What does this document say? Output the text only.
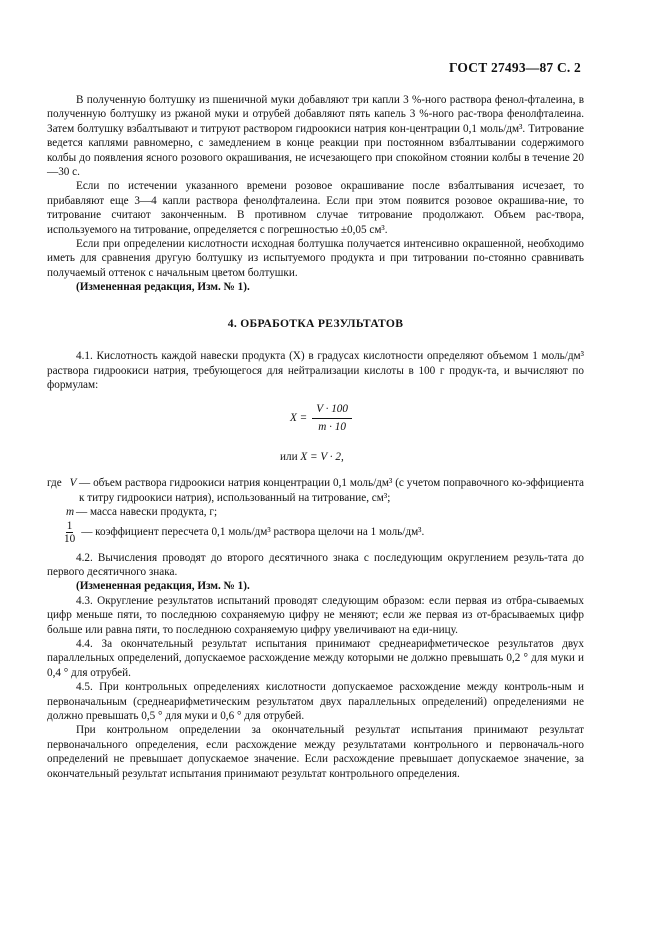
ГОСТ 27493—87 С. 2

В полученную болтушку из пшеничной муки добавляют три капли 3 %-ного раствора фенол-фталеина, в полученную болтушку из ржаной муки и отрубей добавляют пять капель 3 %-ного рас-твора фенолфталеина. Затем болтушку взбалтывают и титруют раствором гидроокиси натрия кон-центрации 0,1 моль/дм³. Титрование ведется каплями равномерно, с замедлением в конце реакции при постоянном взбалтывании содержимого колбы до появления ясного розового окрашивания, не исчезающего при спокойном стоянии колбы в течение 20—30 с.

Если по истечении указанного времени розовое окрашивание после взбалтывания исчезает, то прибавляют еще 3—4 капли раствора фенолфталеина. Если при этом появится розовое окрашива-ние, то титрование считают законченным. В противном случае титрование продолжают. Объем рас-твора, используемого на титрование, определяется с погрешностью ±0,05 см³.

Если при определении кислотности исходная болтушка получается интенсивно окрашенной, необходимо иметь для сравнения другую болтушку из испытуемого продукта и при титровании по-стоянно сравнивать получаемый оттенок с начальным цветом болтушки.

(Измененная редакция, Изм. № 1).

4. ОБРАБОТКА РЕЗУЛЬТАТОВ

4.1. Кислотность каждой навески продукта (X) в градусах кислотности определяют объемом 1 моль/дм³ раствора гидроокиси натрия, требующегося для нейтрализации кислоты в 100 г продук-та, и вычисляют по формулам:

$X = \frac{V \cdot 100}{m \cdot 10}$
или X = V · 2,
где V — объем раствора гидроокиси натрия концентрации 0,1 моль/дм³ (с учетом поправочного ко-эффициента к титру гидроокиси натрия), использованный на титрование, см³;
m — масса навески продукта, г;
$\frac{1}{10}$ — коэффициент пересчета 0,1 моль/дм³ раствора щелочи на 1 моль/дм³.

4.2. Вычисления проводят до второго десятичного знака с последующим округлением резуль-тата до первого десятичного знака.

(Измененная редакция, Изм. № 1).

4.3. Округление результатов испытаний проводят следующим образом: если первая из отбра-сываемых цифр меньше пяти, то последнюю сохраняемую цифру не меняют; если же первая из от-брасываемых цифр больше или равна пяти, то последнюю сохраняемую цифру увеличивают на еди-ницу.

4.4. За окончательный результат испытания принимают среднеарифметическое результатов двух параллельных определений, допускаемое расхождение между которыми не должно превышать 0,2 ° для муки и 0,4 ° для отрубей.

4.5. При контрольных определениях кислотности допускаемое расхождение между контроль-ным и первоначальным (среднеарифметическим результатом двух параллельных определений) определениями не должно превышать 0,5 ° для муки и 0,6 ° для отрубей.

При контрольном определении за окончательный результат испытания принимают результат первоначального определения, если расхождение между результатами контрольного и первоначаль-ного определений не превышает допускаемое значение. Если расхождение превышает допускаемое значение, за окончательный результат испытания принимают результат контрольного определения.
